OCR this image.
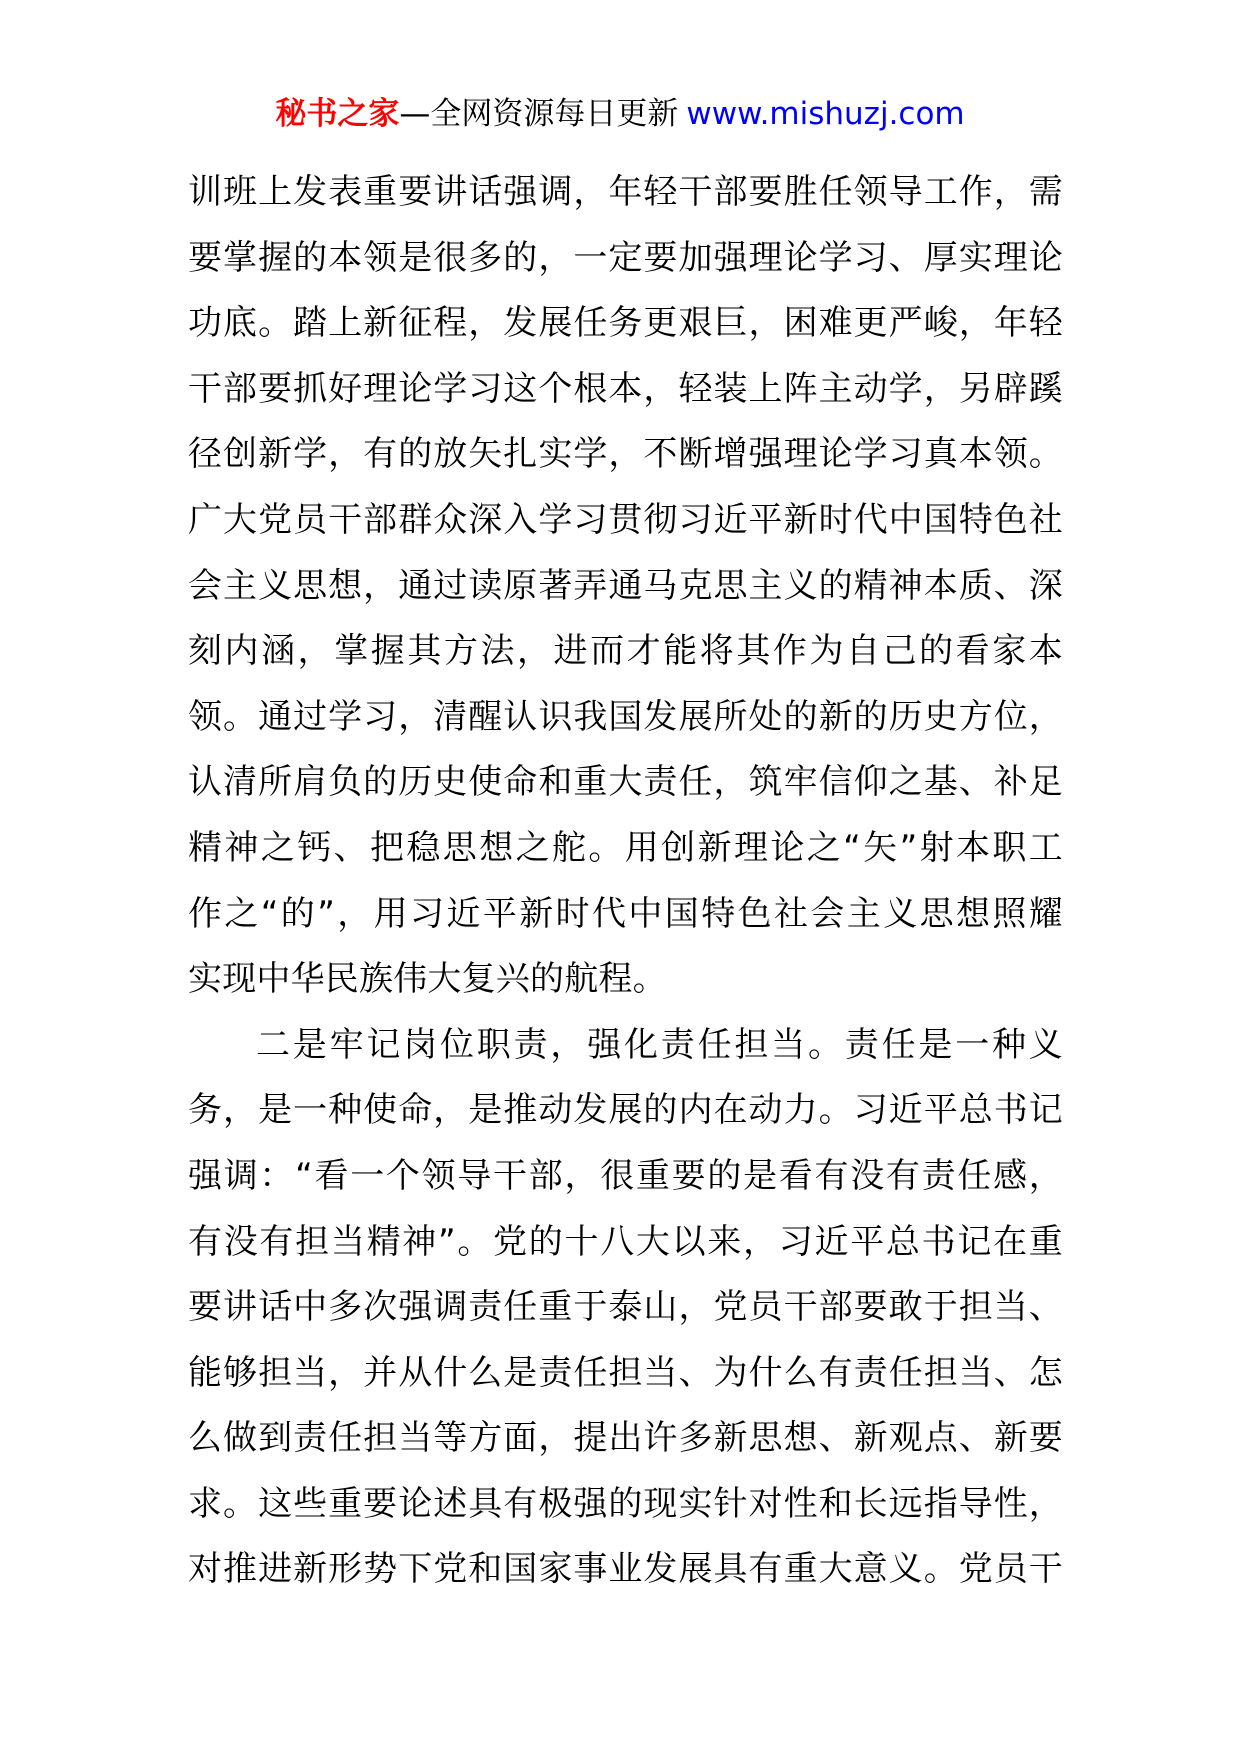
秘书之家—全网资源每日更新 www.mishuzj.com
训班上发表重要讲话强调，年轻干部要胜任领导工作，需
要掌握的本领是很多的，一定要加强理论学习、厚实理论
功底。踏上新征程，发展任务更艰巨，困难更严峻，年轻
干部要抓好理论学习这个根本，轻装上阵主动学，另辟蹊
径创新学，有的放矢扎实学，不断增强理论学习真本领。
广大党员干部群众深入学习贯彻习近平新时代中国特色社
会主义思想，通过读原著弄通马克思主义的精神本质、深
刻内涵，掌握其方法，进而才能将其作为自己的看家本
领。通过学习，清醒认识我国发展所处的新的历史方位，
认清所肩负的历史使命和重大责任，筑牢信仰之基、补足
精神之钙、把稳思想之舵。用创新理论之“矢”射本职工
作之“的”，用习近平新时代中国特色社会主义思想照耀
实现中华民族伟大复兴的航程。
二是牢记岗位职责，强化责任担当。责任是一种义
务，是一种使命，是推动发展的内在动力。习近平总书记
强调：“看一个领导干部，很重要的是看有没有责任感，
有没有担当精神”。党的十八大以来，习近平总书记在重
要讲话中多次强调责任重于泰山，党员干部要敢于担当、
能够担当，并从什么是责任担当、为什么有责任担当、怎
么做到责任担当等方面，提出许多新思想、新观点、新要
求。这些重要论述具有极强的现实针对性和长远指导性，
对推进新形势下党和国家事业发展具有重大意义。党员干
